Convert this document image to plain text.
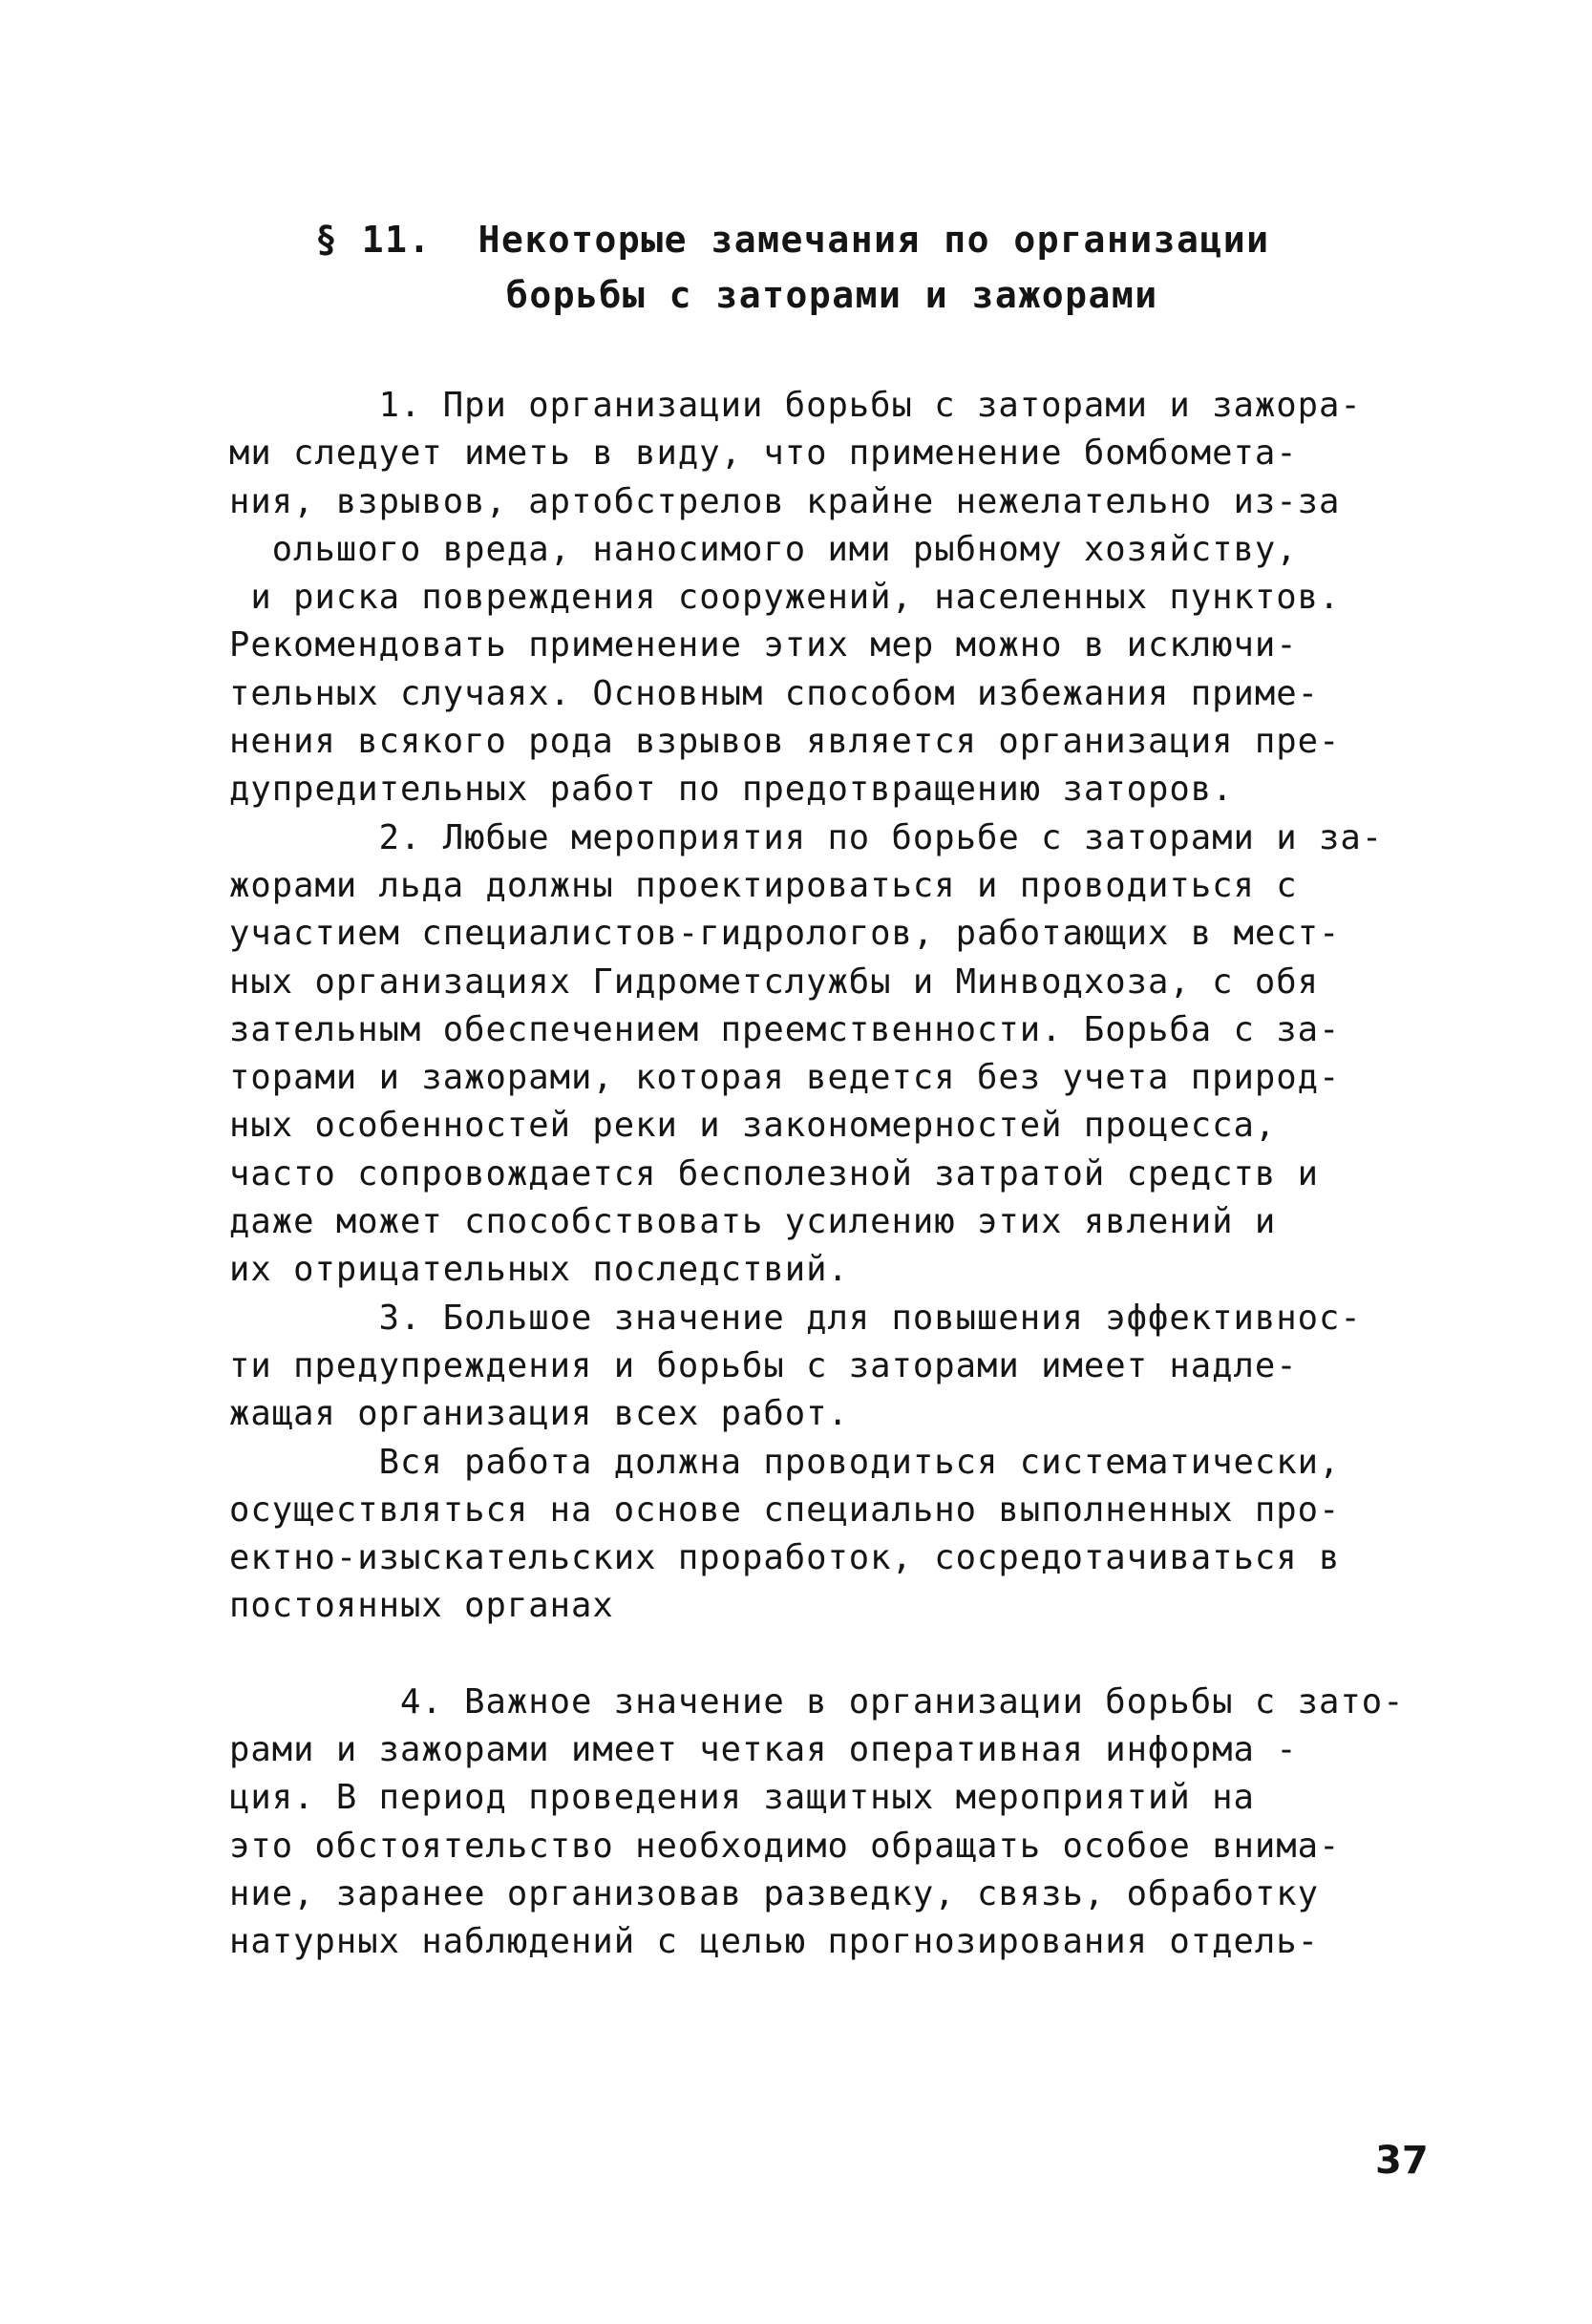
§ 11.  Некоторые замечания по организации
борьбы с заторами и зажорами
1. При организации борьбы с заторами и зажора-
ми следует иметь в виду, что применение бомбомета-
ния, взрывов, артобстрелов крайне нежелательно из-за
ольшого вреда, наносимого ими рыбному хозяйству,
и риска повреждения сооружений, населенных пунктов.
Рекомендовать применение этих мер можно в исключи-
тельных случаях. Основным способом избежания приме-
нения всякого рода взрывов является организация пре-
дупредительных работ по предотвращению заторов.
2. Любые мероприятия по борьбе с заторами и за-
жорами льда должны проектироваться и проводиться с
участием специалистов-гидрологов, работающих в мест-
ных организациях Гидрометслужбы и Минводхоза, с обя
зательным обеспечением преемственности. Борьба с за-
торами и зажорами, которая ведется без учета природ-
ных особенностей реки и закономерностей процесса,
часто сопровождается бесполезной затратой средств и
даже может способствовать усилению этих явлений и
их отрицательных последствий.
3. Большое значение для повышения эффективнос-
ти предупреждения и борьбы с заторами имеет надле-
жащая организация всех работ.
Вся работа должна проводиться систематически,
осуществляться на основе специально выполненных про-
ектно-изыскательских проработок, сосредотачиваться в
постоянных органах
4. Важное значение в организации борьбы с зато-
рами и зажорами имеет четкая оперативная информа -
ция. В период проведения защитных мероприятий на
это обстоятельство необходимо обращать особое внима-
ние, заранее организовав разведку, связь, обработку
натурных наблюдений с целью прогнозирования отдель-
37
